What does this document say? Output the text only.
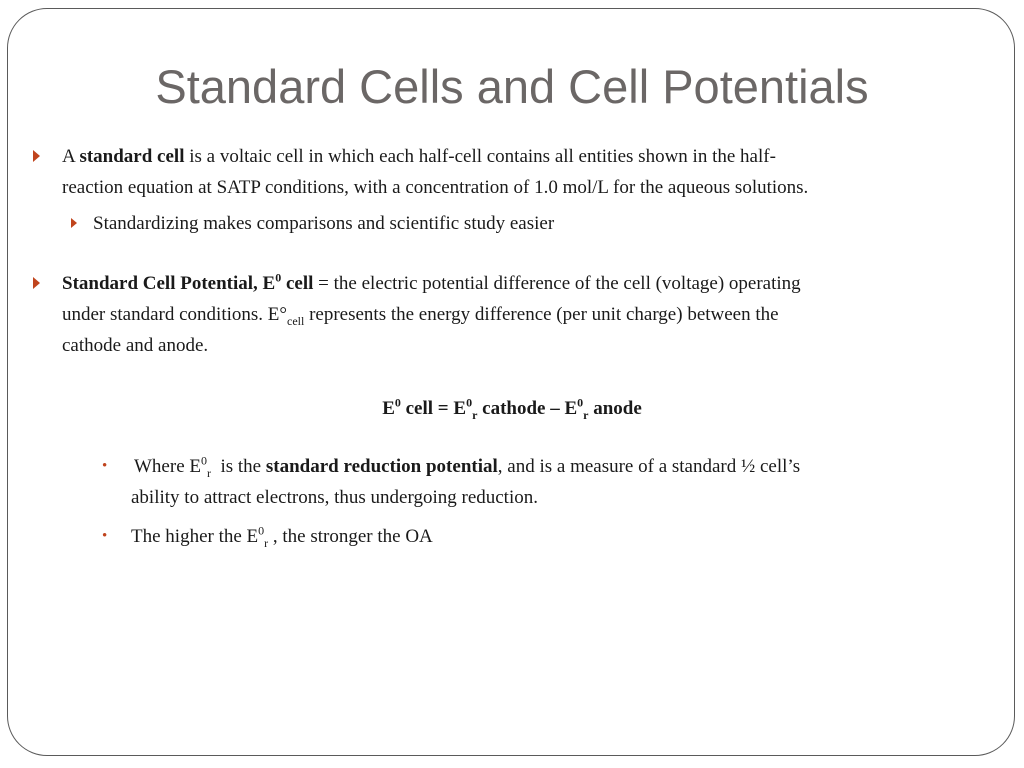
Standard Cells and Cell Potentials
A standard cell is a voltaic cell in which each half-cell contains all entities shown in the half-
reaction equation at SATP conditions, with a concentration of 1.0 mol/L for the aqueous solutions.
Standardizing makes comparisons and scientific study easier
Standard Cell Potential, $E^0$ cell = the electric potential difference of the cell (voltage) operating
under standard conditions. $E^\circ_{cell}$ represents the energy difference (per unit charge) between the
cathode and anode.
$E^0$ cell = $E^0_r$ cathode – $E^0_r$ anode
• Where $E^0_r$  is the standard reduction potential, and is a measure of a standard ½ cell’s
ability to attract electrons, thus undergoing reduction.
• The higher the $E^0_r$ , the stronger the OA
